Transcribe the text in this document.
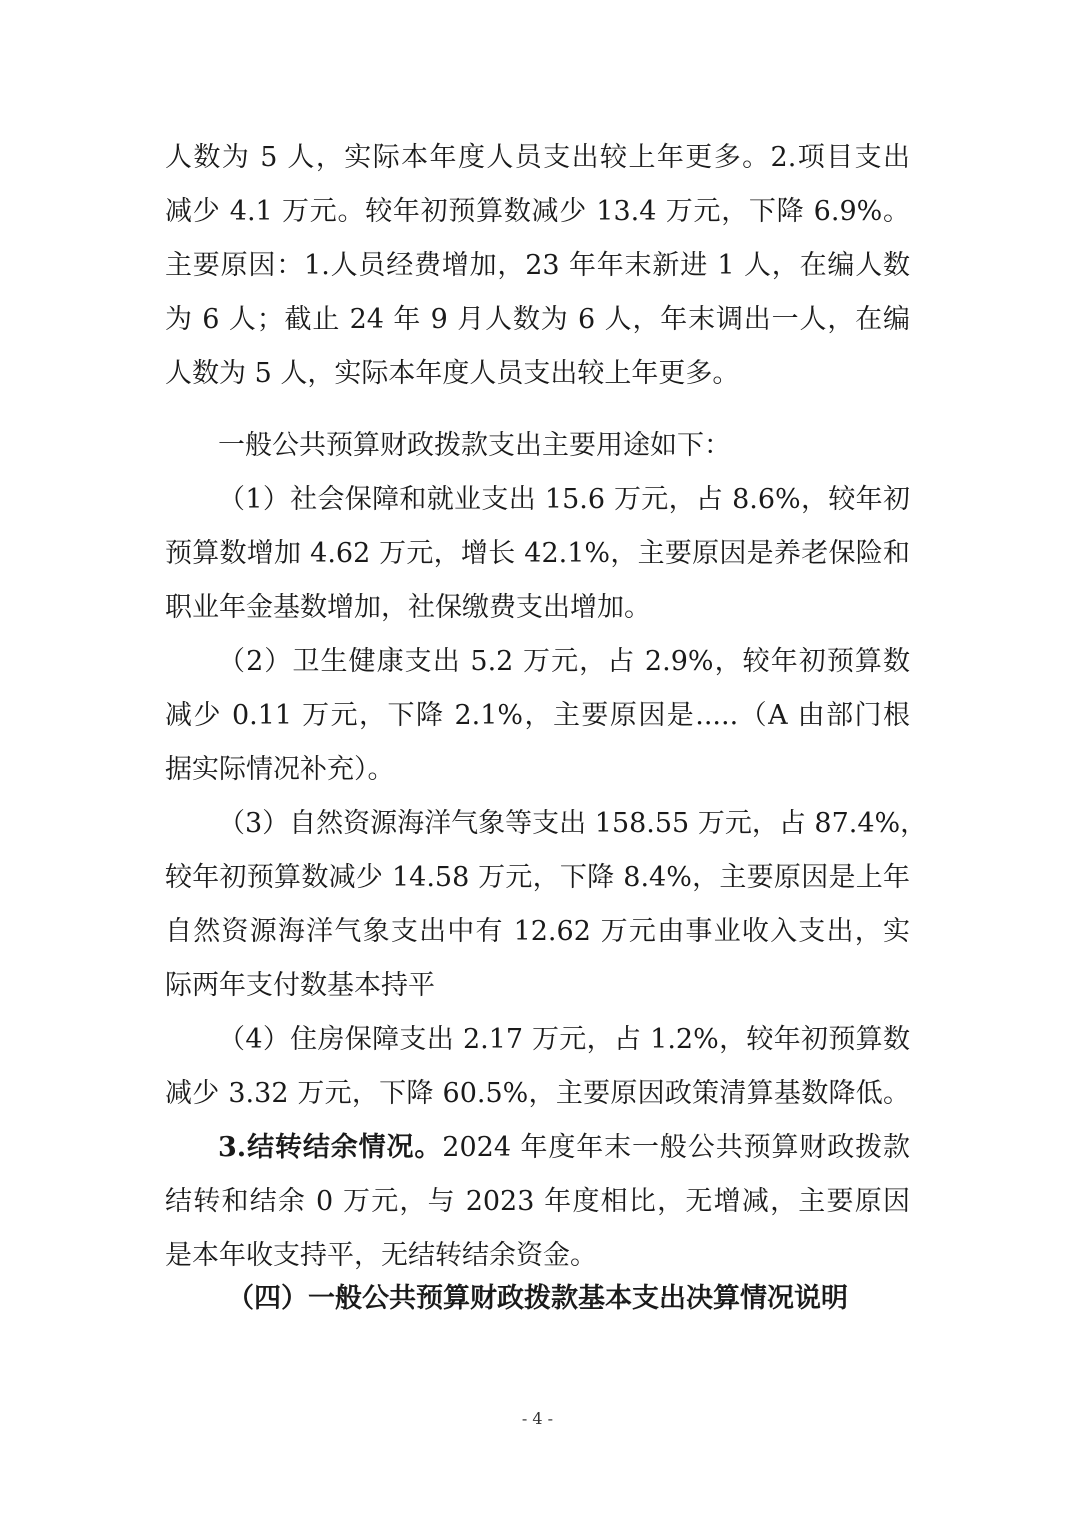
人数为 5 人，实际本年度人员支出较上年更多。2.项目支出
减少 4.1 万元。较年初预算数减少 13.4 万元，下降 6.9%。
主要原因：1.人员经费增加，23 年年末新进 1 人，在编人数
为 6 人；截止 24 年 9 月人数为 6 人，年末调出一人，在编
人数为 5 人，实际本年度人员支出较上年更多。
一般公共预算财政拨款支出主要用途如下：
（1）社会保障和就业支出 15.6 万元，占 8.6%，较年初
预算数增加 4.62 万元，增长 42.1%，主要原因是养老保险和
职业年金基数增加，社保缴费支出增加。
（2）卫生健康支出 5.2 万元，占 2.9%，较年初预算数
减少 0.11 万元，下降 2.1%，主要原因是.....（A 由部门根
据实际情况补充）。
（3）自然资源海洋气象等支出 158.55 万元，占 87.4%，
较年初预算数减少 14.58 万元，下降 8.4%，主要原因是上年
自然资源海洋气象支出中有 12.62 万元由事业收入支出，实
际两年支付数基本持平
（4）住房保障支出 2.17 万元，占 1.2%，较年初预算数
减少 3.32 万元，下降 60.5%，主要原因政策清算基数降低。
3.结转结余情况。2024 年度年末一般公共预算财政拨款
结转和结余 0 万元，与 2023 年度相比，无增减，主要原因
是本年收支持平，无结转结余资金。
（四）一般公共预算财政拨款基本支出决算情况说明
- 4 -
